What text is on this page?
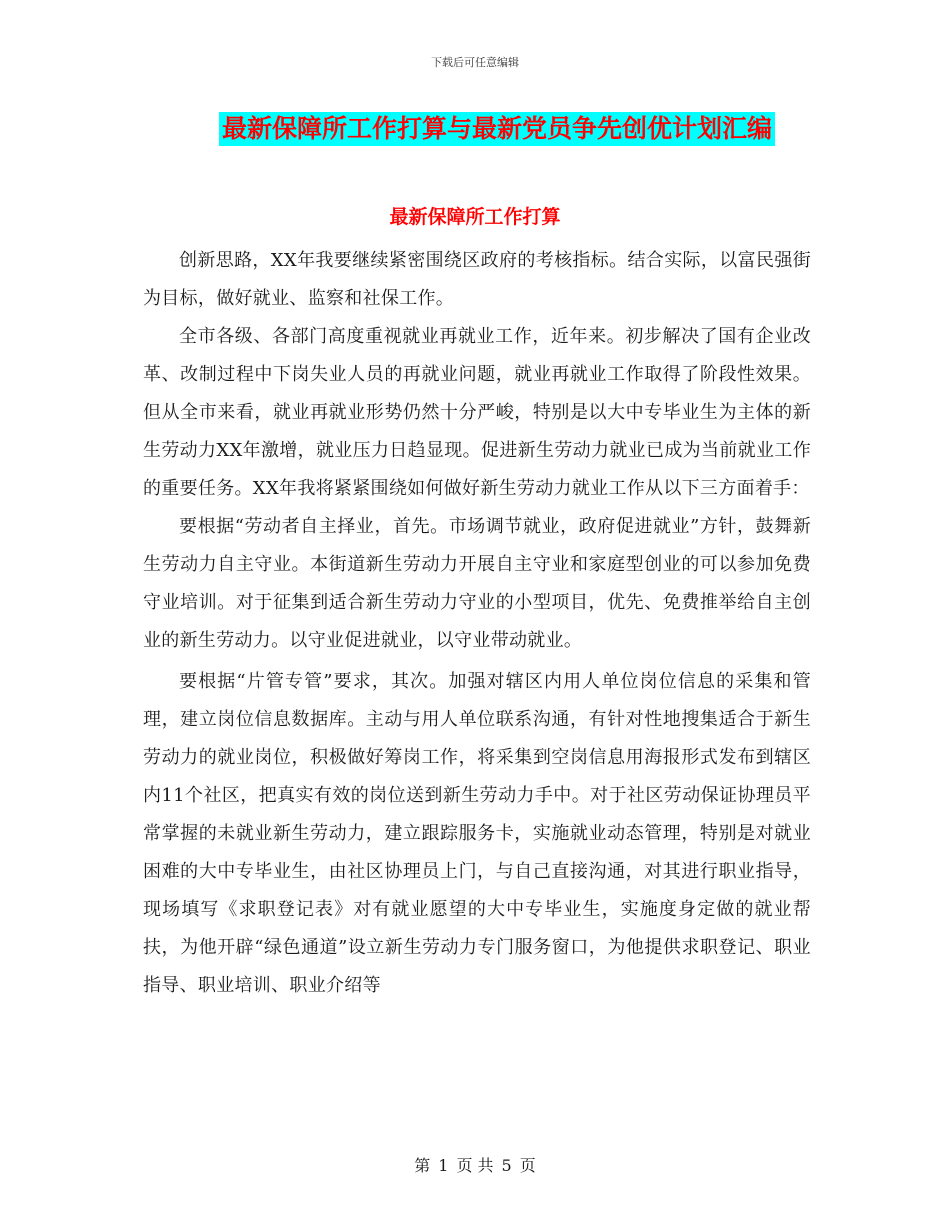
下载后可任意编辑
最新保障所工作打算与最新党员争先创优计划汇编
最新保障所工作打算

创新思路，XX年我要继续紧密围绕区政府的考核指标。结合实际，以富民强街为目标，做好就业、监察和社保工作。

全市各级、各部门高度重视就业再就业工作，近年来。初步解决了国有企业改革、改制过程中下岗失业人员的再就业问题，就业再就业工作取得了阶段性效果。但从全市来看，就业再就业形势仍然十分严峻，特别是以大中专毕业生为主体的新生劳动力XX年激增，就业压力日趋显现。促进新生劳动力就业已成为当前就业工作的重要任务。XX年我将紧紧围绕如何做好新生劳动力就业工作从以下三方面着手：

要根据“劳动者自主择业，首先。市场调节就业，政府促进就业”方针，鼓舞新生劳动力自主守业。本街道新生劳动力开展自主守业和家庭型创业的可以参加免费守业培训。对于征集到适合新生劳动力守业的小型项目，优先、免费推举给自主创业的新生劳动力。以守业促进就业，以守业带动就业。

要根据“片管专管”要求，其次。加强对辖区内用人单位岗位信息的采集和管理，建立岗位信息数据库。主动与用人单位联系沟通，有针对性地搜集适合于新生劳动力的就业岗位，积极做好筹岗工作，将采集到空岗信息用海报形式发布到辖区内11个社区，把真实有效的岗位送到新生劳动力手中。对于社区劳动保证协理员平常掌握的未就业新生劳动力，建立跟踪服务卡，实施就业动态管理，特别是对就业困难的大中专毕业生，由社区协理员上门，与自己直接沟通，对其进行职业指导，现场填写《求职登记表》对有就业愿望的大中专毕业生，实施度身定做的就业帮扶，为他开辟“绿色通道”设立新生劳动力专门服务窗口，为他提供求职登记、职业指导、职业培训、职业介绍等

第 1 页 共 5 页
